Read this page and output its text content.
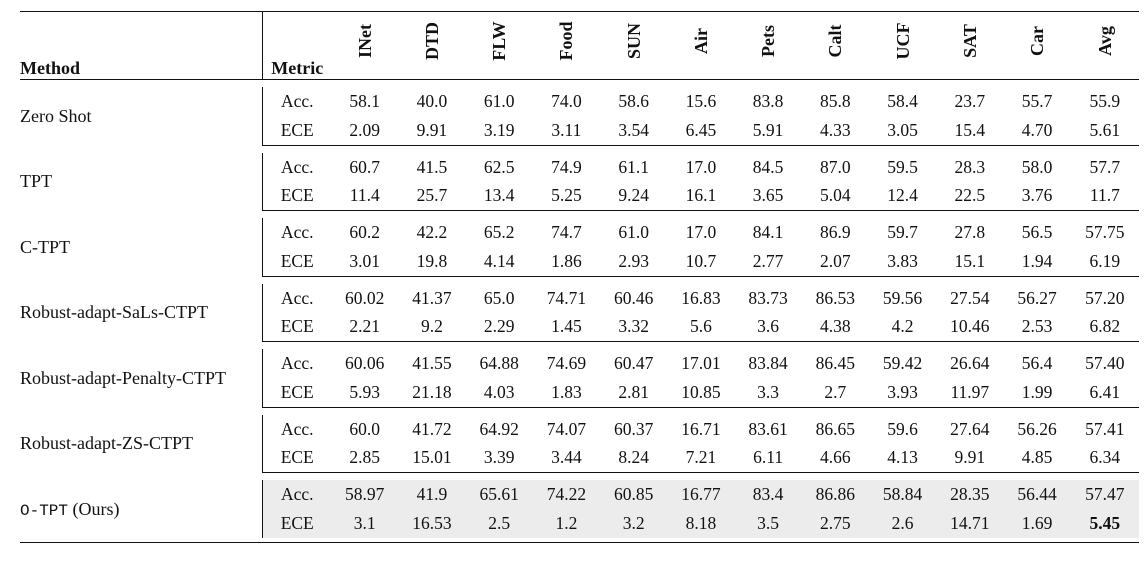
Method	Metric	INet	DTD	FLW	Food	SUN	Air	Pets	Calt	UCF	SAT	Car	Avg

Zero Shot	Acc.	58.1	40.0	61.0	74.0	58.6	15.6	83.8	85.8	58.4	23.7	55.7	55.9
	ECE	2.09	9.91	3.19	3.11	3.54	6.45	5.91	4.33	3.05	15.4	4.70	5.61

TPT	Acc.	60.7	41.5	62.5	74.9	61.1	17.0	84.5	87.0	59.5	28.3	58.0	57.7
	ECE	11.4	25.7	13.4	5.25	9.24	16.1	3.65	5.04	12.4	22.5	3.76	11.7

C-TPT	Acc.	60.2	42.2	65.2	74.7	61.0	17.0	84.1	86.9	59.7	27.8	56.5	57.75
	ECE	3.01	19.8	4.14	1.86	2.93	10.7	2.77	2.07	3.83	15.1	1.94	6.19

Robust-adapt-SaLs-CTPT	Acc.	60.02	41.37	65.0	74.71	60.46	16.83	83.73	86.53	59.56	27.54	56.27	57.20
	ECE	2.21	9.2	2.29	1.45	3.32	5.6	3.6	4.38	4.2	10.46	2.53	6.82

Robust-adapt-Penalty-CTPT	Acc.	60.06	41.55	64.88	74.69	60.47	17.01	83.84	86.45	59.42	26.64	56.4	57.40
	ECE	5.93	21.18	4.03	1.83	2.81	10.85	3.3	2.7	3.93	11.97	1.99	6.41

Robust-adapt-ZS-CTPT	Acc.	60.0	41.72	64.92	74.07	60.37	16.71	83.61	86.65	59.6	27.64	56.26	57.41
	ECE	2.85	15.01	3.39	3.44	8.24	7.21	6.11	4.66	4.13	9.91	4.85	6.34

O-TPT (Ours)	Acc.	58.97	41.9	65.61	74.22	60.85	16.77	83.4	86.86	58.84	28.35	56.44	57.47
	ECE	3.1	16.53	2.5	1.2	3.2	8.18	3.5	2.75	2.6	14.71	1.69	5.45
